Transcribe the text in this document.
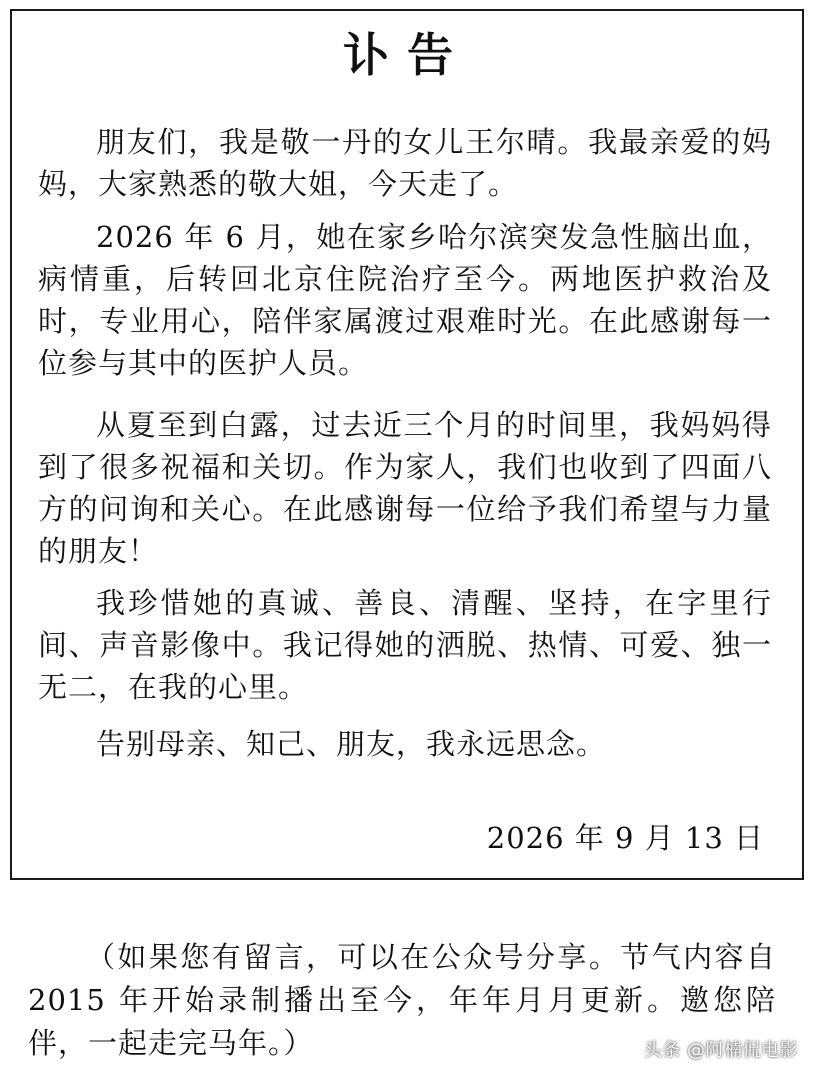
讣告

朋友们，我是敬一丹的女儿王尔晴。我最亲爱的妈妈，大家熟悉的敬大姐，今天走了。

2026 年 6 月，她在家乡哈尔滨突发急性脑出血，病情重，后转回北京住院治疗至今。两地医护救治及时，专业用心，陪伴家属渡过艰难时光。在此感谢每一位参与其中的医护人员。

从夏至到白露，过去近三个月的时间里，我妈妈得到了很多祝福和关切。作为家人，我们也收到了四面八方的问询和关心。在此感谢每一位给予我们希望与力量的朋友！

我珍惜她的真诚、善良、清醒、坚持，在字里行间、声音影像中。我记得她的洒脱、热情、可爱、独一无二，在我的心里。

告别母亲、知己、朋友，我永远思念。

2026 年 9 月 13 日

（如果您有留言，可以在公众号分享。节气内容自 2015 年开始录制播出至今，年年月月更新。邀您陪伴，一起走完马年。）	头条 @阿楠侃电影
